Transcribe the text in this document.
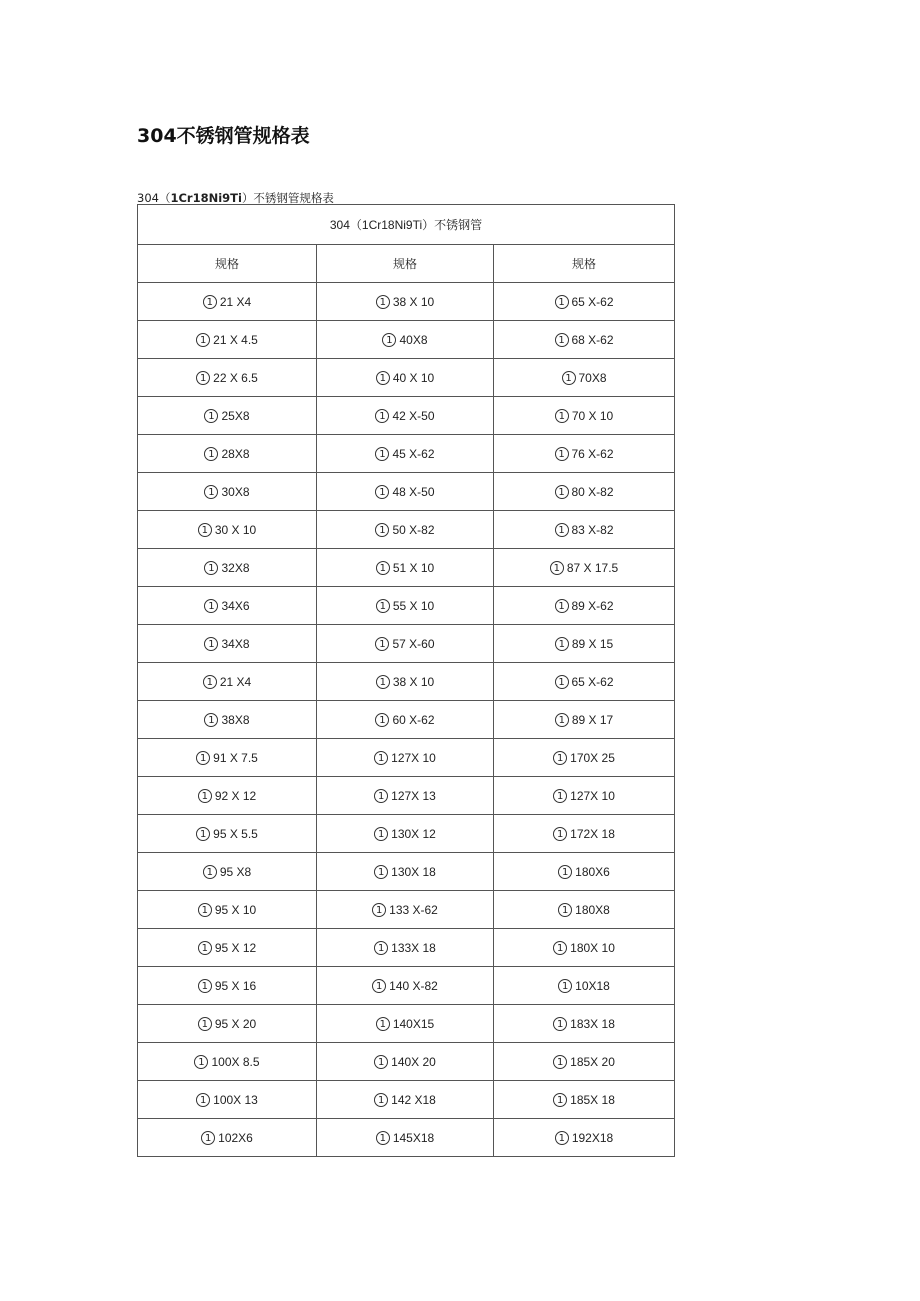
304不锈钢管规格表

304（1Cr18Ni9Ti）不锈钢管规格表

304（1Cr18Ni9Ti）不锈钢管		
规格	规格	规格
1 21 X4	1 38 X 10	1 65 X-62
1 21 X 4.5	1 40X8	1 68 X-62
1 22 X 6.5	1 40 X 10	1 70X8
1 25X8	1 42 X-50	1 70 X 10
1 28X8	1 45 X-62	1 76 X-62
1 30X8	1 48 X-50	1 80 X-82
1 30 X 10	1 50 X-82	1 83 X-82
1 32X8	1 51 X 10	1 87 X 17.5
1 34X6	1 55 X 10	1 89 X-62
1 34X8	1 57 X-60	1 89 X 15
1 21 X4	1 38 X 10	1 65 X-62
1 38X8	1 60 X-62	1 89 X 17
1 91 X 7.5	1 127X 10	1 170X 25
1 92 X 12	1 127X 13	1 127X 10
1 95 X 5.5	1 130X 12	1 172X 18
1 95 X8	1 130X 18	1 180X6
1 95 X 10	1 133 X-62	1 180X8
1 95 X 12	1 133X 18	1 180X 10
1 95 X 16	1 140 X-82	1 10X18
1 95 X 20	1 140X15	1 183X 18
1 100X 8.5	1 140X 20	1 185X 20
1 100X 13	1 142 X18	1 185X 18
1 102X6	1 145X18	1 192X18
